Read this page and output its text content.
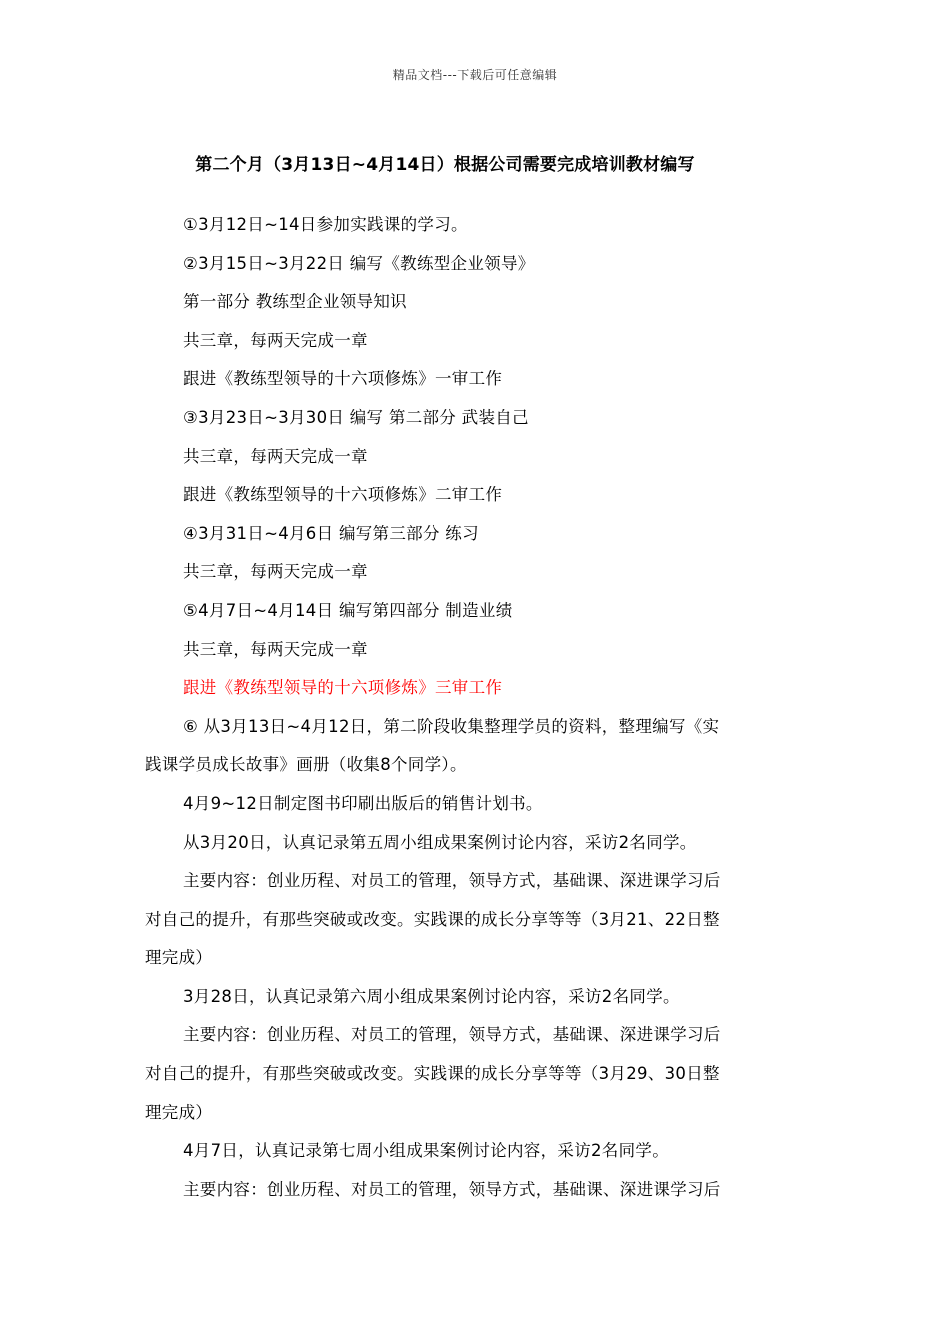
精品文档---下载后可任意编辑
第二个月（3月13日~4月14日）根据公司需要完成培训教材编写
①3月12日~14日参加实践课的学习。
②3月15日~3月22日 编写《教练型企业领导》
第一部分 教练型企业领导知识
共三章，每两天完成一章
跟进《教练型领导的十六项修炼》一审工作
③3月23日~3月30日 编写 第二部分 武装自己
共三章，每两天完成一章
跟进《教练型领导的十六项修炼》二审工作
④3月31日~4月6日 编写第三部分 练习
共三章，每两天完成一章
⑤4月7日~4月14日 编写第四部分 制造业绩
共三章，每两天完成一章
跟进《教练型领导的十六项修炼》三审工作
⑥ 从3月13日~4月12日，第二阶段收集整理学员的资料，整理编写《实
践课学员成长故事》画册（收集8个同学）。
4月9~12日制定图书印刷出版后的销售计划书。
从3月20日，认真记录第五周小组成果案例讨论内容，采访2名同学。
主要内容：创业历程、对员工的管理，领导方式，基础课、深进课学习后
对自己的提升，有那些突破或改变。实践课的成长分享等等（3月21、22日整
理完成）
3月28日，认真记录第六周小组成果案例讨论内容，采访2名同学。
主要内容：创业历程、对员工的管理，领导方式，基础课、深进课学习后
对自己的提升，有那些突破或改变。实践课的成长分享等等（3月29、30日整
理完成）
4月7日，认真记录第七周小组成果案例讨论内容，采访2名同学。
主要内容：创业历程、对员工的管理，领导方式，基础课、深进课学习后
